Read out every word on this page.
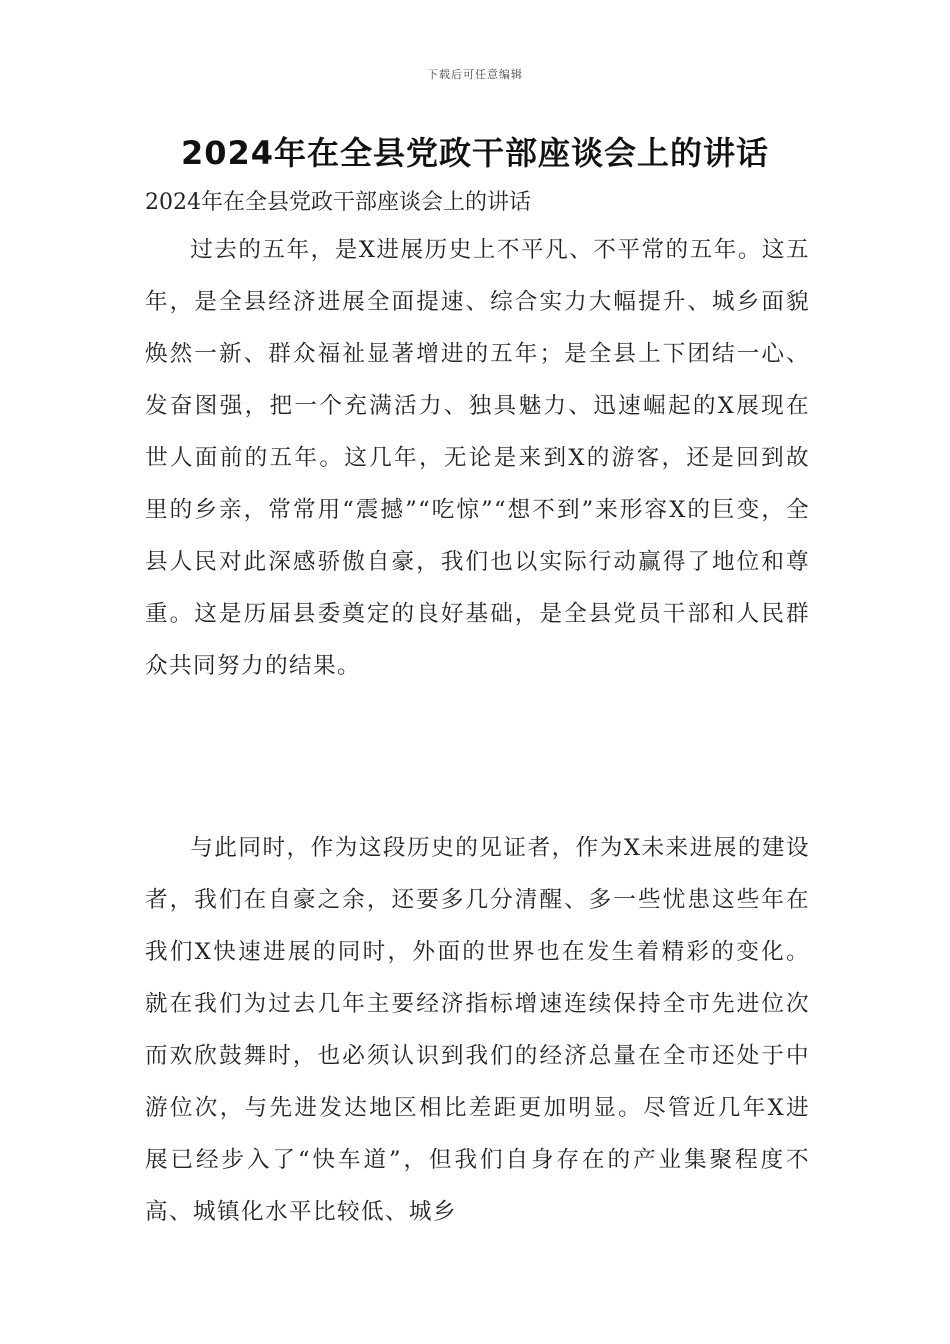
下载后可任意编辑
2024年在全县党政干部座谈会上的讲话
2024年在全县党政干部座谈会上的讲话

过去的五年，是X进展历史上不平凡、不平常的五年。这五年，是全县经济进展全面提速、综合实力大幅提升、城乡面貌焕然一新、群众福祉显著增进的五年；是全县上下团结一心、发奋图强，把一个充满活力、独具魅力、迅速崛起的X展现在世人面前的五年。这几年，无论是来到X的游客，还是回到故里的乡亲，常常用“震撼”“吃惊”“想不到”来形容X的巨变，全县人民对此深感骄傲自豪，我们也以实际行动赢得了地位和尊重。这是历届县委奠定的良好基础，是全县党员干部和人民群众共同努力的结果。

与此同时，作为这段历史的见证者，作为X未来进展的建设者，我们在自豪之余，还要多几分清醒、多一些忧患这些年在我们X快速进展的同时，外面的世界也在发生着精彩的变化。就在我们为过去几年主要经济指标增速连续保持全市先进位次而欢欣鼓舞时，也必须认识到我们的经济总量在全市还处于中游位次，与先进发达地区相比差距更加明显。尽管近几年X进展已经步入了“快车道”，但我们自身存在的产业集聚程度不高、城镇化水平比较低、城乡
